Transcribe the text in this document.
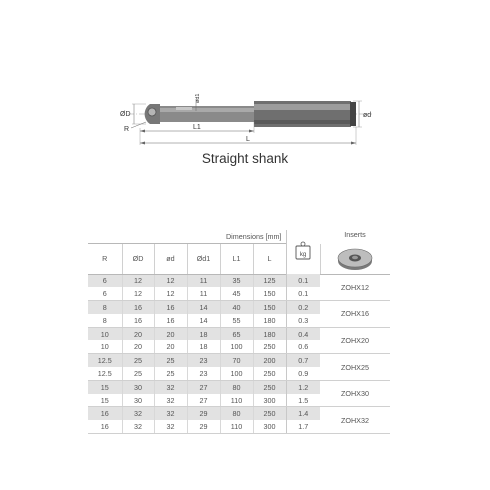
ød1
ØD
R	L1
L
ød
Straight shank
Dimensions [mm]						kg	Inserts
R	ØD	ød	Ød1	L1	L	
6	12	12	11	35	125	0.1	ZOHX12
6	12	12	11	45	150	0.1	
8	16	16	14	40	150	0.2	ZOHX16
8	16	16	14	55	180	0.3	
10	20	20	18	65	180	0.4	ZOHX20
10	20	20	18	100	250	0.6	
12.5	25	25	23	70	200	0.7	ZOHX25
12.5	25	25	23	100	250	0.9	
15	30	32	27	80	250	1.2	ZOHX30
15	30	32	27	110	300	1.5	
16	32	32	29	80	250	1.4	ZOHX32
16	32	32	29	110	300	1.7	
